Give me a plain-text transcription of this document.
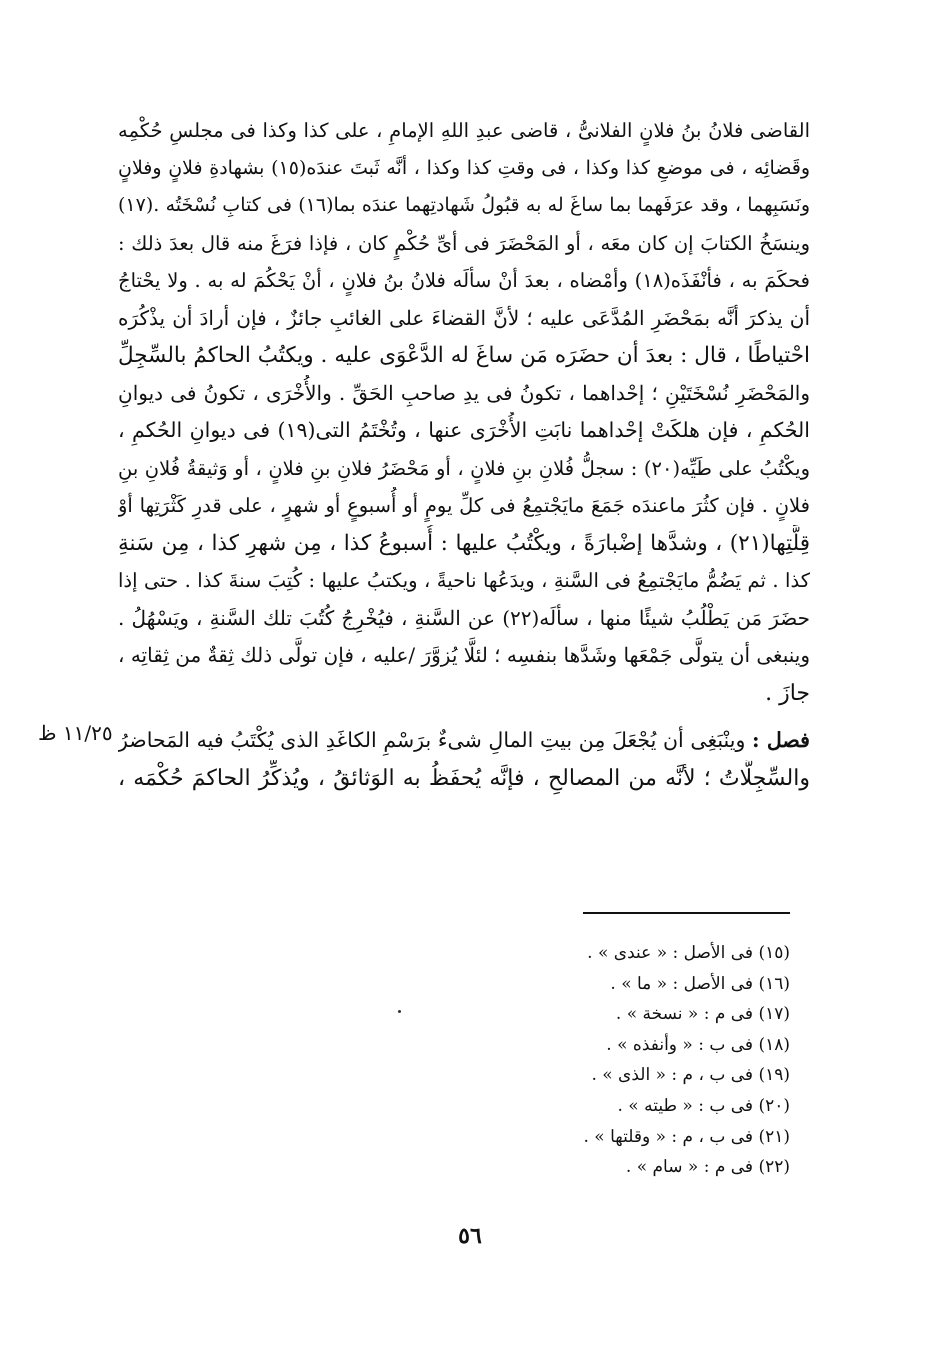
القاضى فلانُ بنُ فلانٍ الفلانىُّ ، قاضى عبدِ اللهِ الإمامِ ، على كذا وكذا فى مجلسِ حُكْمِه
وقَضائِه ، فى موضعِ كذا وكذا ، فى وقتِ كذا وكذا ، أنَّه ثَبتَ عندَه(١٥) بشهادةِ فلانٍ وفلانٍ
ونَسَبِهما ، وقد عرَفَهما بما ساغَ له به قبُولُ شَهادتِهما عندَه بما(١٦) فى كتابِ نُسْخَتُه .(١٧)
وينسَخُ الكتابَ إن كان معَه ، أو المَحْضَرَ فى أىِّ حُكْمٍ كان ، فإذا فرَغَ منه قال بعدَ ذلك :
فحكَمَ به ، فأنْفَذَه(١٨) وأمْضاه ، بعدَ أنْ سألَه فلانُ بنُ فلانٍ ، أنْ يَحْكُمَ له به . ولا يحْتاجُ
أن يذكرَ أنَّه بمَحْضَرِ المُدَّعَى عليه ؛ لأنَّ القضاءَ على الغائبِ جائزٌ ، فإن أرادَ أن يذْكُرَه
احْتياطًا ، قال : بعدَ أن حضَرَه مَن ساغَ له الدَّعْوَى عليه . ويكتُبُ الحاكمُ بالسِّجِلِّ
والمَحْضَرِ نُسْخَتَيْنِ ؛ إحْداهما ، تكونُ فى يدِ صاحبِ الحَقِّ . والأُخْرَى ، تكونُ فى ديوانِ
الحُكمِ ، فإن هلكَتْ إحْداهما نابَتِ الأُخْرَى عنها ، وتُخْتَمُ التى(١٩) فى ديوانِ الحُكمِ ،
ويكْتُبُ على طَيِّه(٢٠) : سجلُّ فُلانِ بنِ فلانٍ ، أو مَحْضَرُ فلانِ بنِ فلانٍ ، أو وَثيقةُ فُلانِ بنِ
فلانٍ . فإن كثُرَ ماعندَه جَمَعَ مايَجْتمِعُ فى كلِّ يومٍ أو أُسبوعٍ أو شهرٍ ، على قدرِ كَثْرَتِها أوْ
قِلَّتِها(٢١) ، وشدَّها إضْبارَةً ، ويكْتُبُ عليها : أُسبوعُ كذا ، مِن شهرِ كذا ، مِن سَنةِ
كذا . ثم يَضُمُّ مايَجْتمِعُ فى السَّنةِ ، ويدَعُها ناحيةً ، ويكتبُ عليها : كُتِبَ سنةَ كذا . حتى إذا
حضَرَ مَن يَطْلُبُ شيئًا منها ، سألَه(٢٢) عن السَّنةِ ، فيُخْرِجُ كُتُبَ تلك السَّنةِ ، ويَسْهُلُ .
وينبغى أن يتولَّى جَمْعَها وشَدَّها بنفسِه ؛ لئلَّا يُزوَّرَ /عليه ، فإن تولَّى ذلك ثِقةٌ من ثِقاتِه ،
جازَ .
فصل : وينْبَغِى أن يُجْعَلَ مِن بيتِ المالِ شىءٌ برَسْمِ الكاغَدِ الذى يُكْتَبُ فيه المَحاضرُ
والسِّجِلَّاتُ ؛ لأنَّه من المصالحِ ، فإنَّه يُحفَظُ به الوَثائقُ ، ويُذكِّرُ الحاكمَ حُكْمَه ،
١١/٢٥ ظ
(١٥) فى الأصل : « عندى » .
(١٦) فى الأصل : « ما » .
(١٧) فى م : « نسخة » .
(١٨) فى ب : « وأنفذه » .
(١٩) فى ب ، م : « الذى » .
(٢٠) فى ب : « طيته » .
(٢١) فى ب ، م : « وقلتها » .
(٢٢) فى م : « سام » .
٥٦
